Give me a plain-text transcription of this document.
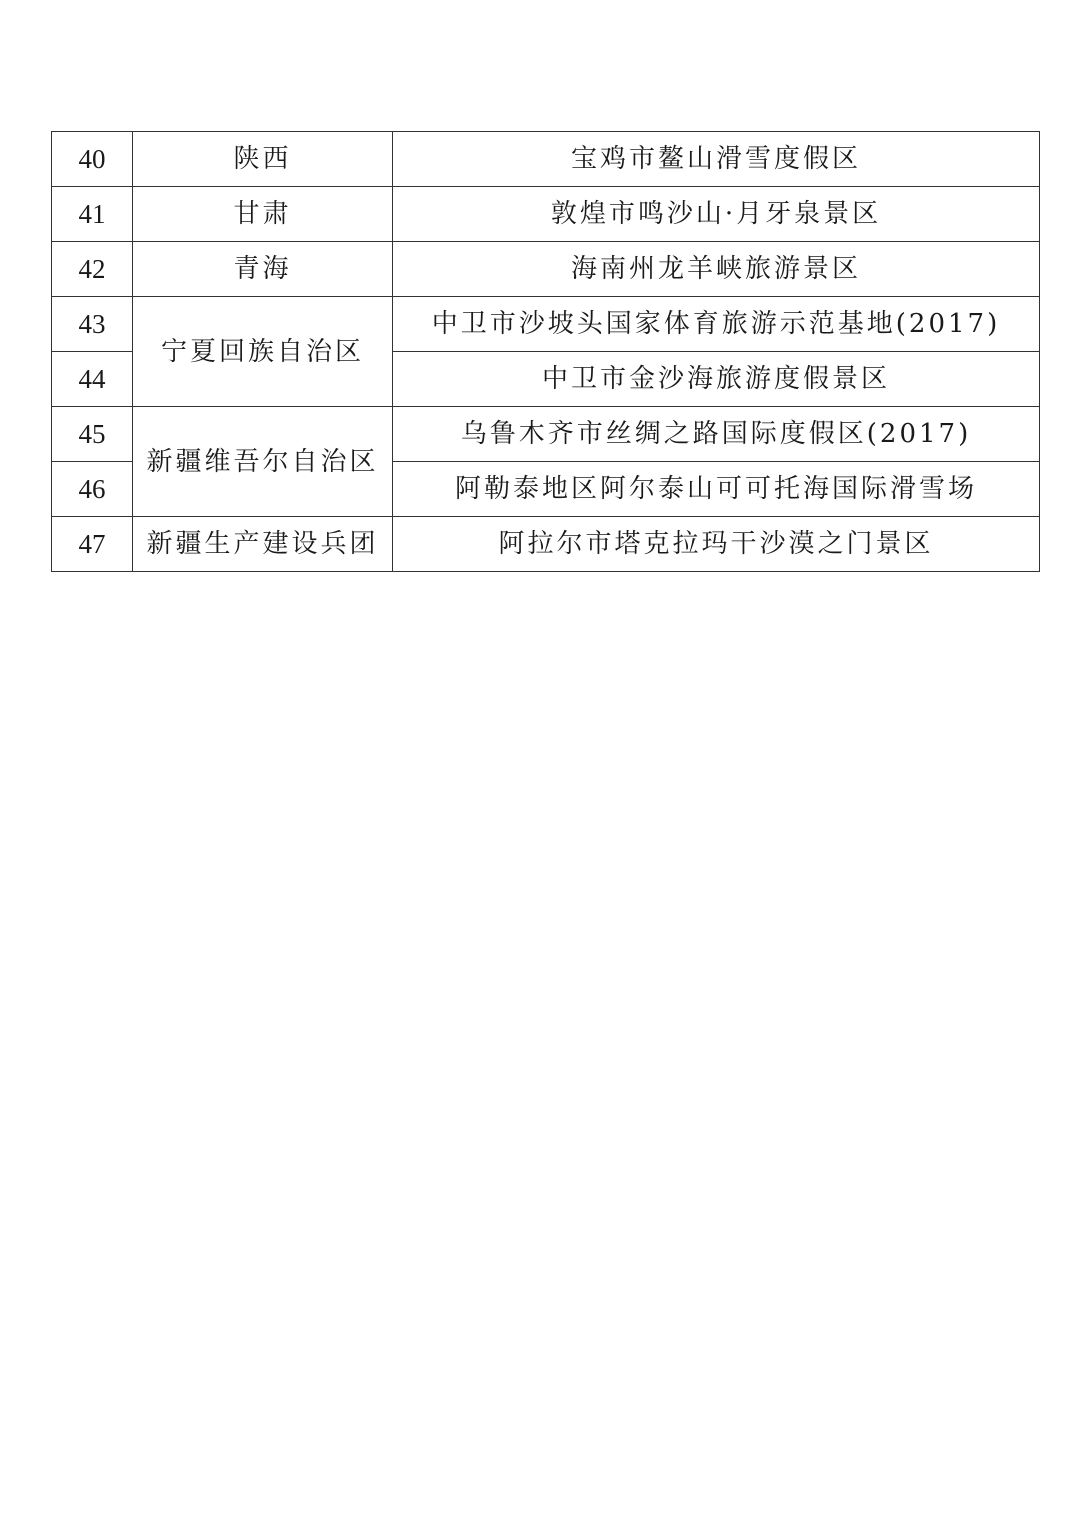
40	陕西	宝鸡市鳌山滑雪度假区
41	甘肃	敦煌市鸣沙山·月牙泉景区
42	青海	海南州龙羊峡旅游景区
43	宁夏回族自治区	中卫市沙坡头国家体育旅游示范基地(2017)
44		中卫市金沙海旅游度假景区
45	新疆维吾尔自治区	乌鲁木齐市丝绸之路国际度假区(2017)
46		阿勒泰地区阿尔泰山可可托海国际滑雪场
47	新疆生产建设兵团	阿拉尔市塔克拉玛干沙漠之门景区
